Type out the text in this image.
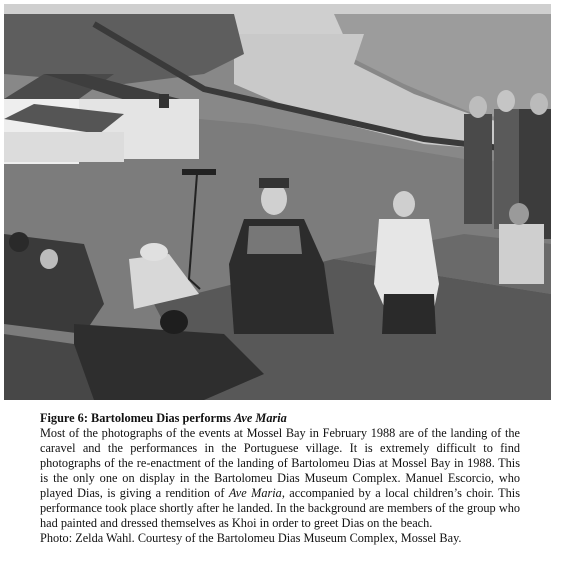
Figure 6: Bartolomeu Dias performs Ave Maria

Most of the photographs of the events at Mossel Bay in February 1988 are of the landing of the caravel and the performances in the Portuguese village. It is extremely difficult to find photographs of the re-enactment of the landing of Bartolomeu Dias at Mossel Bay in 1988. This is the only one on display in the Bartolomeu Dias Museum Complex. Manuel Escorcio, who played Dias, is giving a rendition of Ave Maria, accompanied by a local children’s choir. This performance took place shortly after he landed. In the background are members of the group who had painted and dressed themselves as Khoi in order to greet Dias on the beach.

Photo: Zelda Wahl. Courtesy of the Bartolomeu Dias Museum Complex, Mossel Bay.
